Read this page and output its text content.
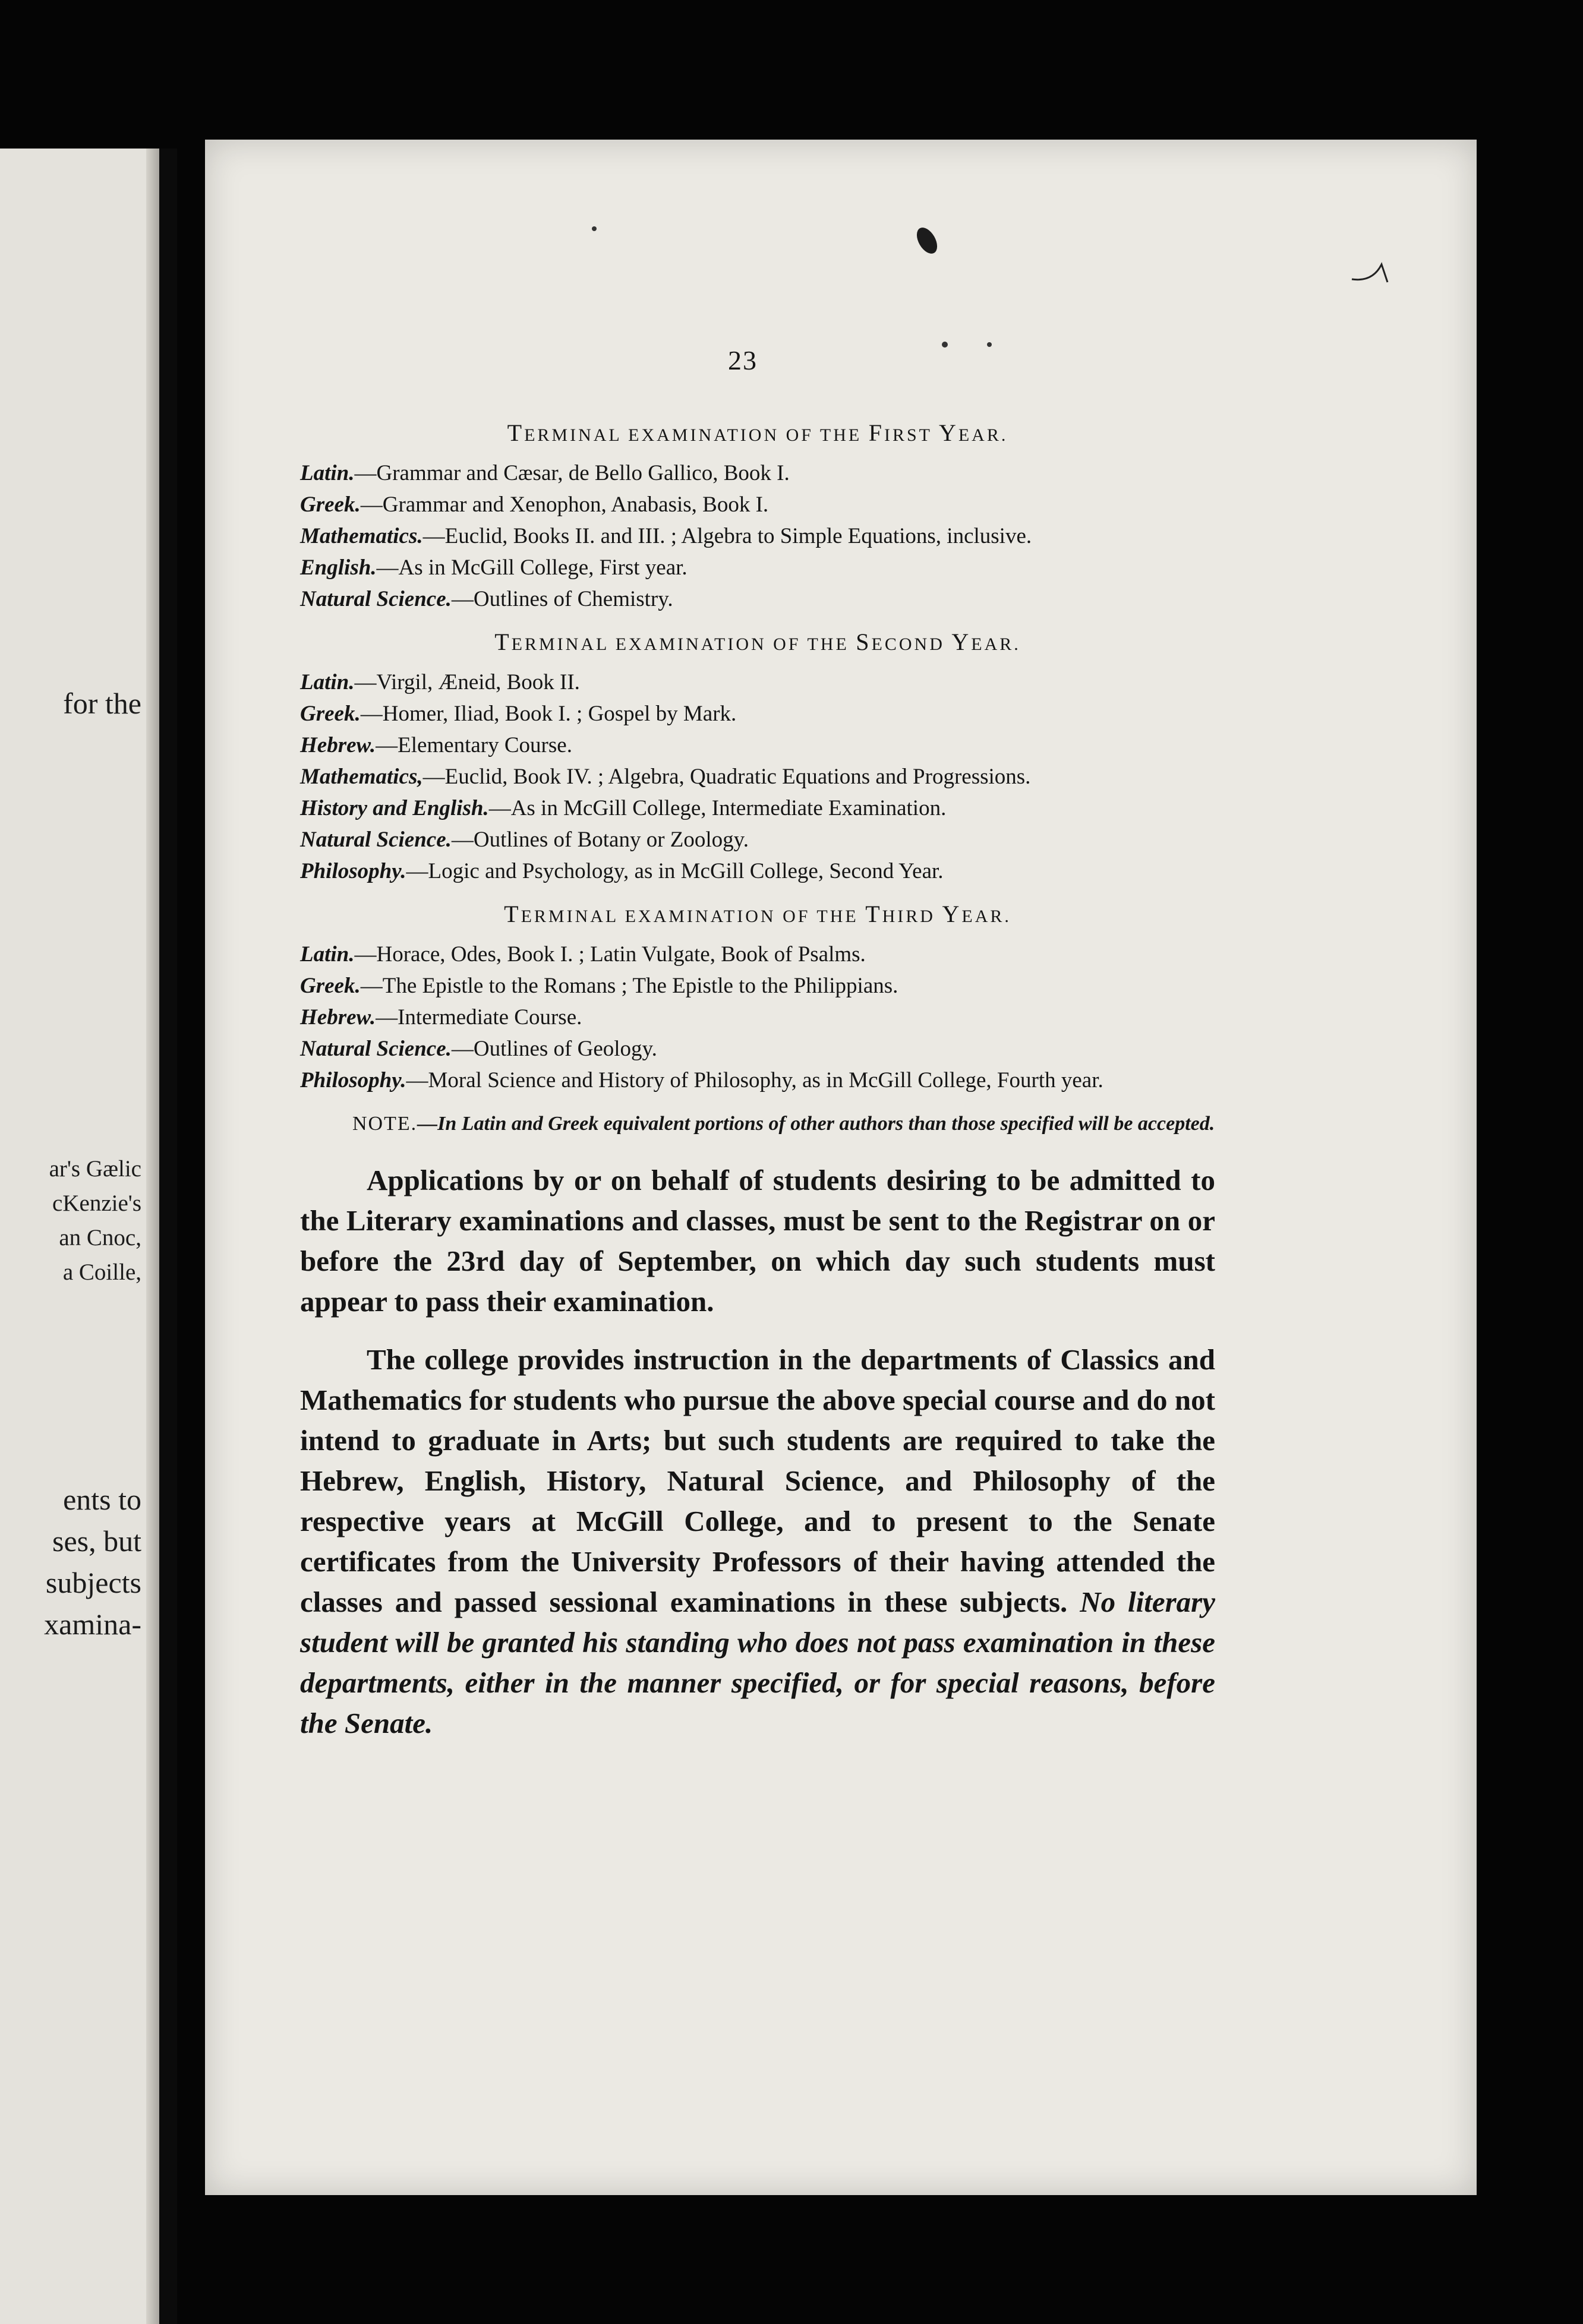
for the
ar's Gælic
cKenzie's
an Cnoc,
a Coille,
ents to
ses, but
subjects
xamina-
23
TERMINAL EXAMINATION OF THE FIRST YEAR.

Latin.—Grammar and Cæsar, de Bello Gallico, Book I.

Greek.—Grammar and Xenophon, Anabasis, Book I.

Mathematics.—Euclid, Books II. and III. ; Algebra to Simple Equations, inclusive.

English.—As in McGill College, First year.

Natural Science.—Outlines of Chemistry.

TERMINAL EXAMINATION OF THE SECOND YEAR.

Latin.—Virgil, Æneid, Book II.

Greek.—Homer, Iliad, Book I. ; Gospel by Mark.

Hebrew.—Elementary Course.

Mathematics,—Euclid, Book IV. ; Algebra, Quadratic Equations and Progressions.

History and English.—As in McGill College, Intermediate Examination.

Natural Science.—Outlines of Botany or Zoology.

Philosophy.—Logic and Psychology, as in McGill College, Second Year.

TERMINAL EXAMINATION OF THE THIRD YEAR.

Latin.—Horace, Odes, Book I. ; Latin Vulgate, Book of Psalms.

Greek.—The Epistle to the Romans ; The Epistle to the Philippians.

Hebrew.—Intermediate Course.

Natural Science.—Outlines of Geology.

Philosophy.—Moral Science and History of Philosophy, as in McGill College, Fourth year.

NOTE.—In Latin and Greek equivalent portions of other authors than those specified will be accepted.

Applications by or on behalf of students desiring to be admitted to the Literary examinations and classes, must be sent to the Registrar on or before the 23rd day of September, on which day such students must appear to pass their examination.

The college provides instruction in the departments of Classics and Mathematics for students who pursue the above special course and do not intend to graduate in Arts; but such students are required to take the Hebrew, English, History, Natural Science, and Philosophy of the respective years at McGill College, and to present to the Senate certificates from the University Professors of their having attended the classes and passed sessional examinations in these subjects. No literary student will be granted his standing who does not pass examination in these departments, either in the manner specified, or for special reasons, before the Senate.
